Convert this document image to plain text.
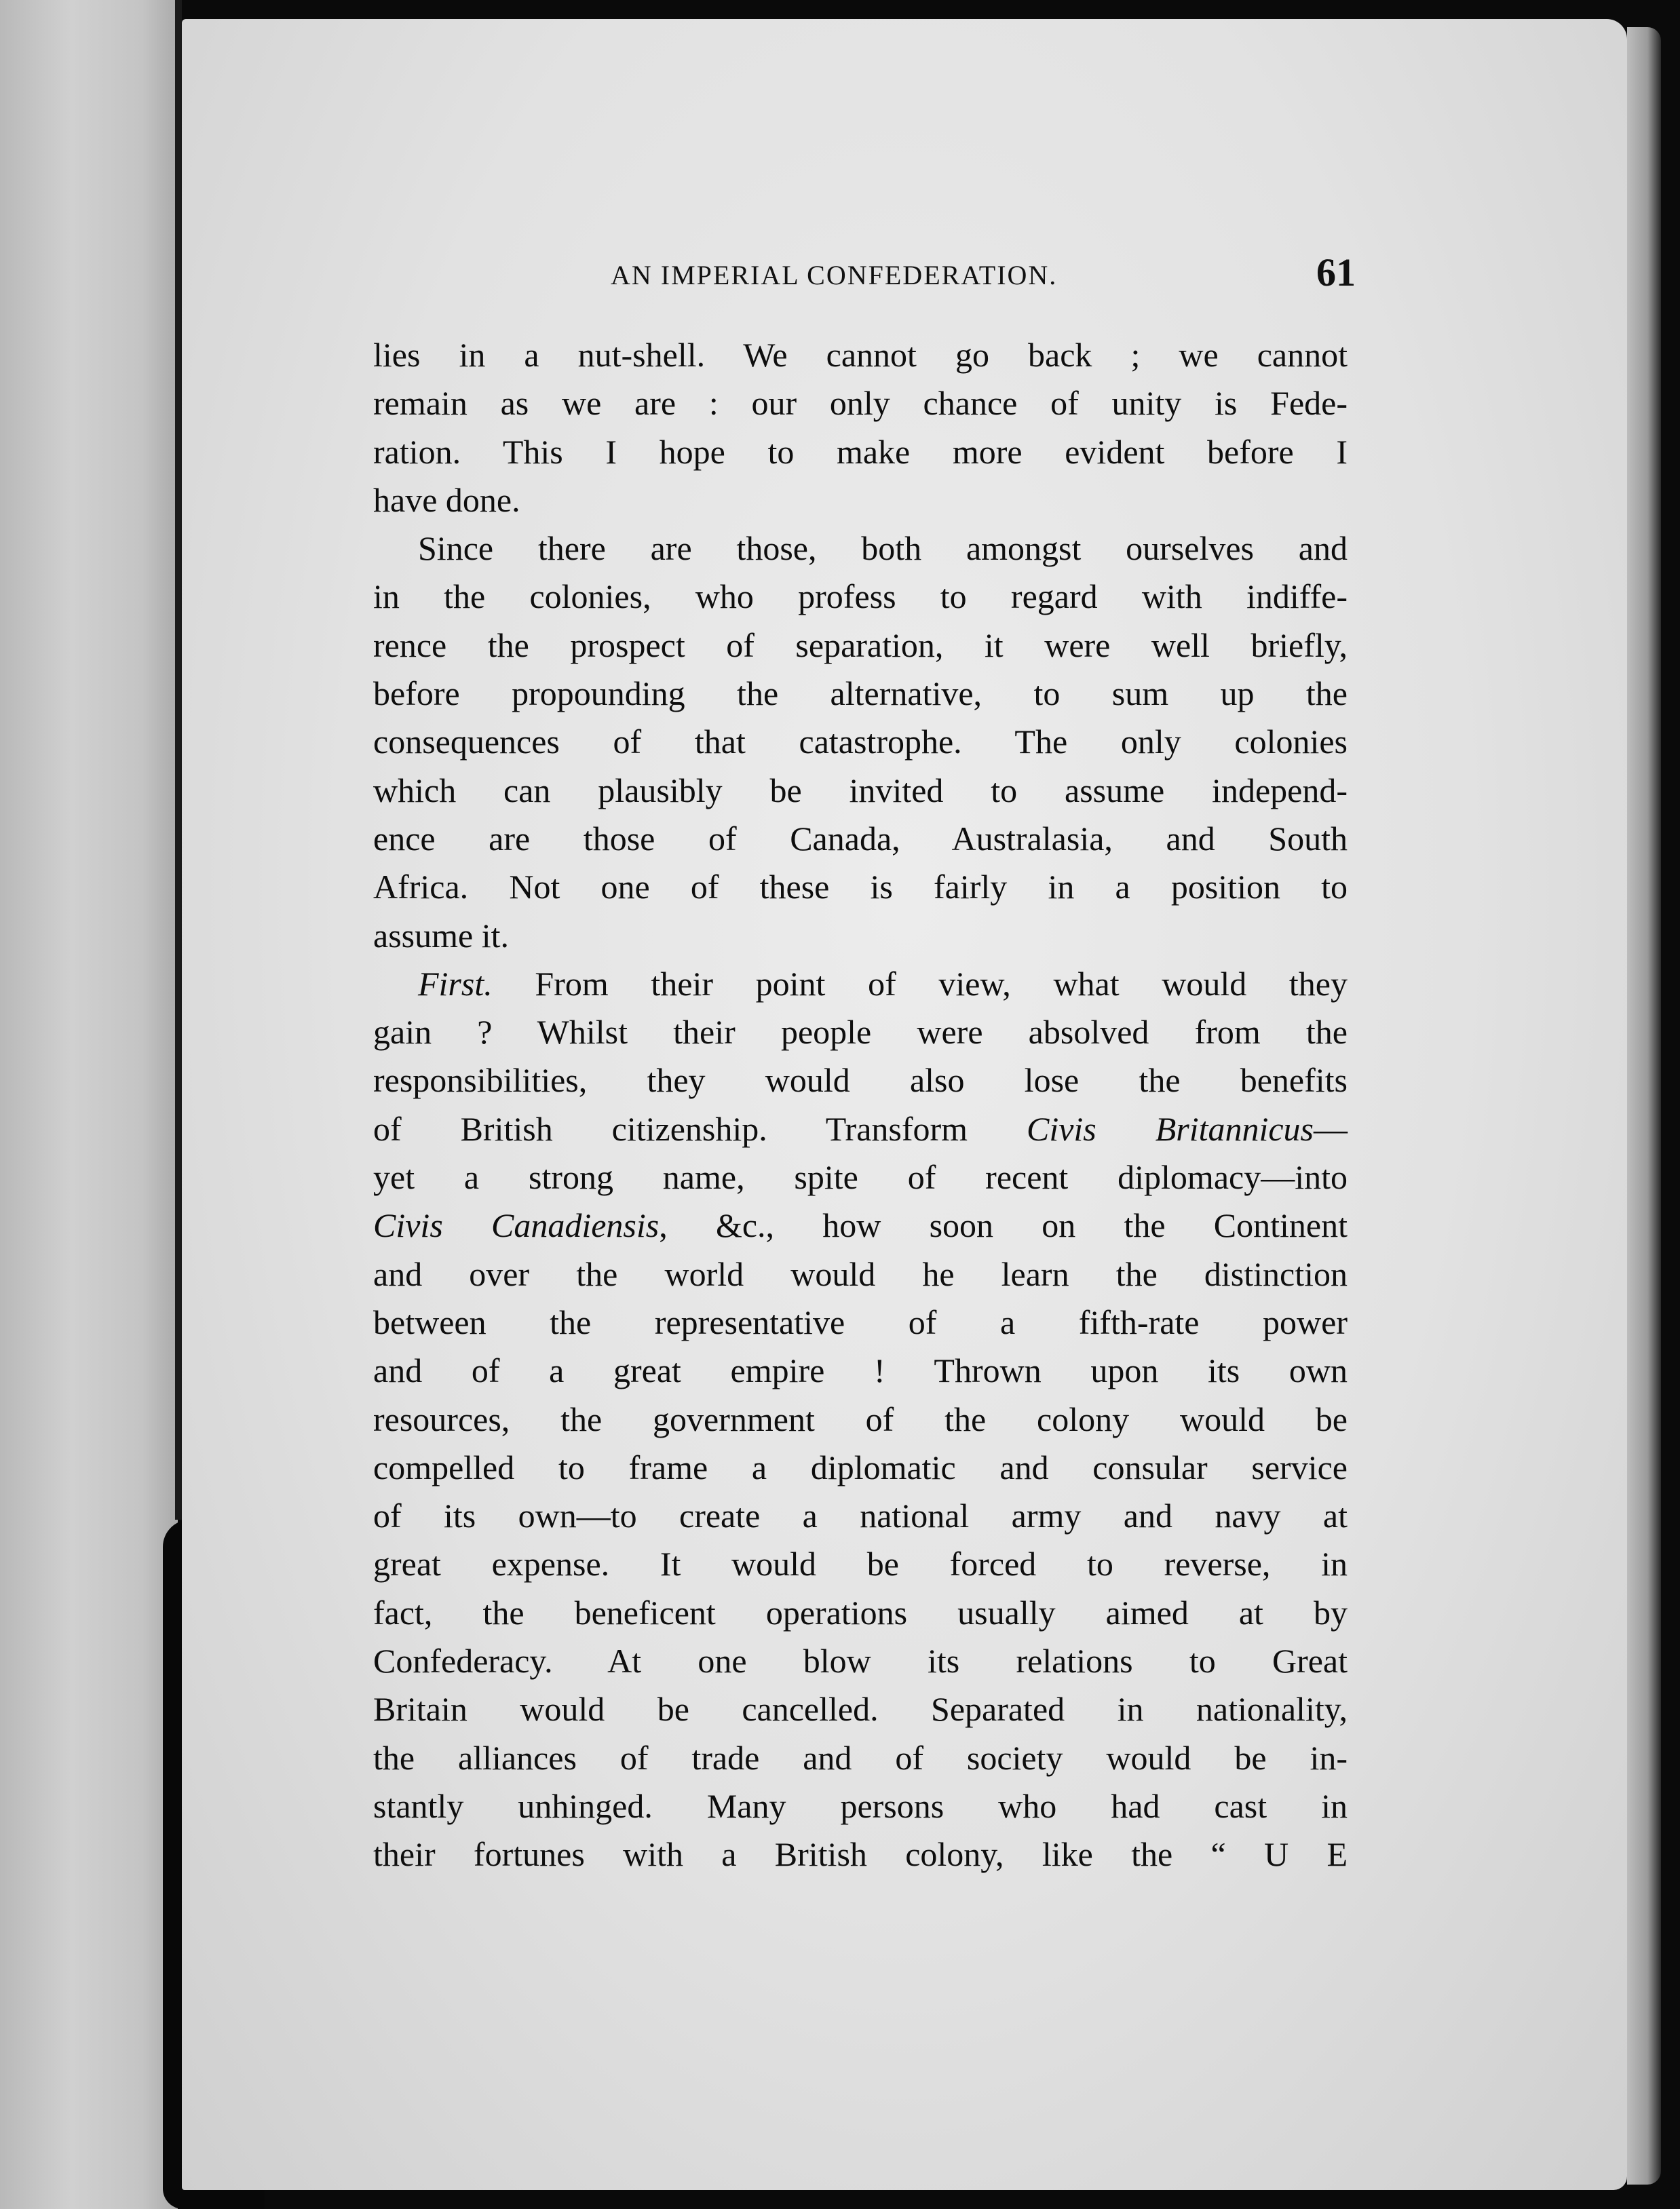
AN IMPERIAL CONFEDERATION.	61
lies in a nut-shell. We cannot go back ; we cannot
remain as we are : our only chance of unity is Fede-
ration. This I hope to make more evident before I
have done.
Since there are those, both amongst ourselves and
in the colonies, who profess to regard with indiffe-
rence the prospect of separation, it were well briefly,
before propounding the alternative, to sum up the
consequences of that catastrophe. The only colonies
which can plausibly be invited to assume independ-
ence are those of Canada, Australasia, and South
Africa. Not one of these is fairly in a position to
assume it.
First. From their point of view, what would they
gain ? Whilst their people were absolved from the
responsibilities, they would also lose the benefits
of British citizenship. Transform Civis Britannicus—
yet a strong name, spite of recent diplomacy—into
Civis Canadiensis, &c., how soon on the Continent
and over the world would he learn the distinction
between the representative of a fifth-rate power
and of a great empire ! Thrown upon its own
resources, the government of the colony would be
compelled to frame a diplomatic and consular service
of its own—to create a national army and navy at
great expense. It would be forced to reverse, in
fact, the beneficent operations usually aimed at by
Confederacy. At one blow its relations to Great
Britain would be cancelled. Separated in nationality,
the alliances of trade and of society would be in-
stantly unhinged. Many persons who had cast in
their fortunes with a British colony, like the “ U E
